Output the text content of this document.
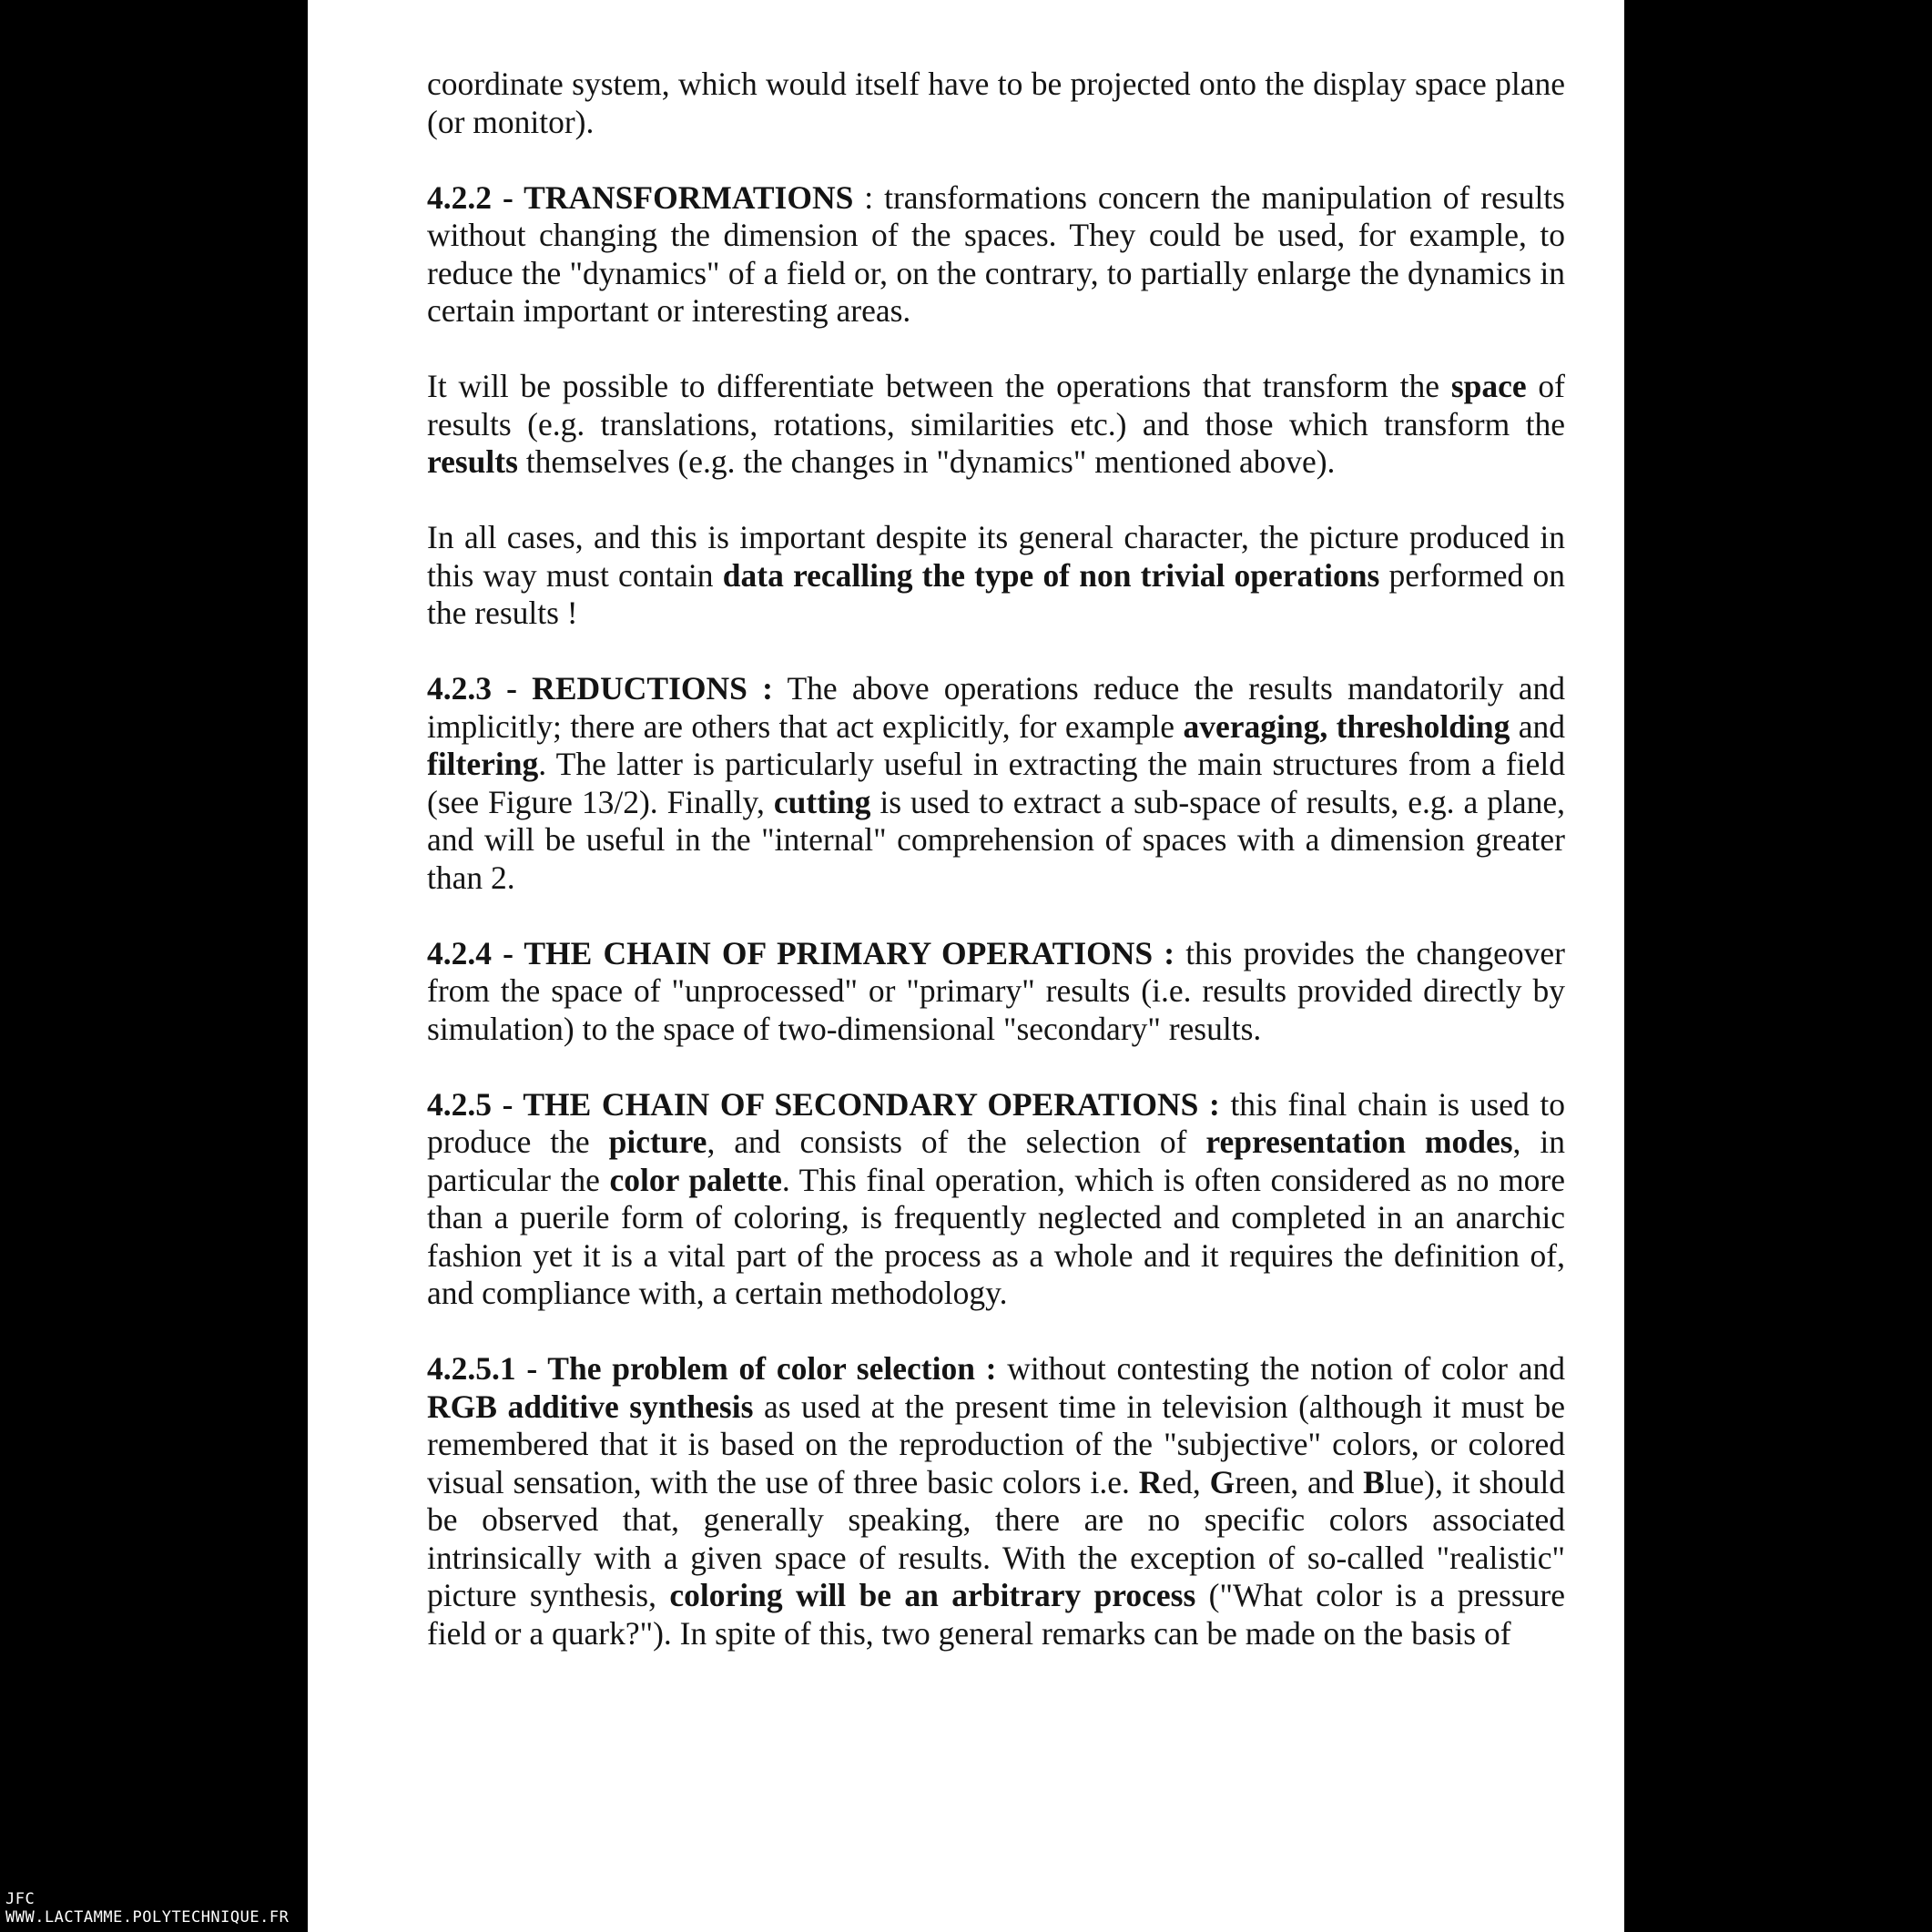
coordinate system, which would itself have to be projected onto the display space plane (or monitor).

4.2.2 - TRANSFORMATIONS : transformations concern the manipulation of results without changing the dimension of the spaces. They could be used, for example, to reduce the "dynamics" of a field or, on the contrary, to partially enlarge the dynamics in certain important or interesting areas.

It will be possible to differentiate between the operations that transform the space of results (e.g. translations, rotations, similarities etc.) and those which transform the results themselves (e.g. the changes in "dynamics" mentioned above).

In all cases, and this is important despite its general character, the picture produced in this way must contain data recalling the type of non trivial operations performed on the results !

4.2.3 - REDUCTIONS : The above operations reduce the results mandatorily and implicitly; there are others that act explicitly, for example averaging, thresholding and filtering. The latter is particularly useful in extracting the main structures from a field (see Figure 13/2). Finally, cutting is used to extract a sub-space of results, e.g. a plane, and will be useful in the "internal" comprehension of spaces with a dimension greater than 2.

4.2.4 - THE CHAIN OF PRIMARY OPERATIONS : this provides the changeover from the space of "unprocessed" or "primary" results (i.e. results provided directly by simulation) to the space of two-dimensional "secondary" results.

4.2.5 - THE CHAIN OF SECONDARY OPERATIONS : this final chain is used to produce the picture, and consists of the selection of representation modes, in particular the color palette. This final operation, which is often considered as no more than a puerile form of coloring, is frequently neglected and completed in an anarchic fashion yet it is a vital part of the process as a whole and it requires the definition of, and compliance with, a certain methodology.

4.2.5.1 - The problem of color selection : without contesting the notion of color and RGB additive synthesis as used at the present time in television (although it must be remembered that it is based on the reproduction of the "subjective" colors, or colored visual sensation, with the use of three basic colors i.e. Red, Green, and Blue), it should be observed that, generally speaking, there are no specific colors associated intrinsically with a given space of results. With the exception of so-called "realistic" picture synthesis, coloring will be an arbitrary process ("What color is a pressure field or a quark?"). In spite of this, two general remarks can be made on the basis of

JFC
WWW.LACTAMME.POLYTECHNIQUE.FR
